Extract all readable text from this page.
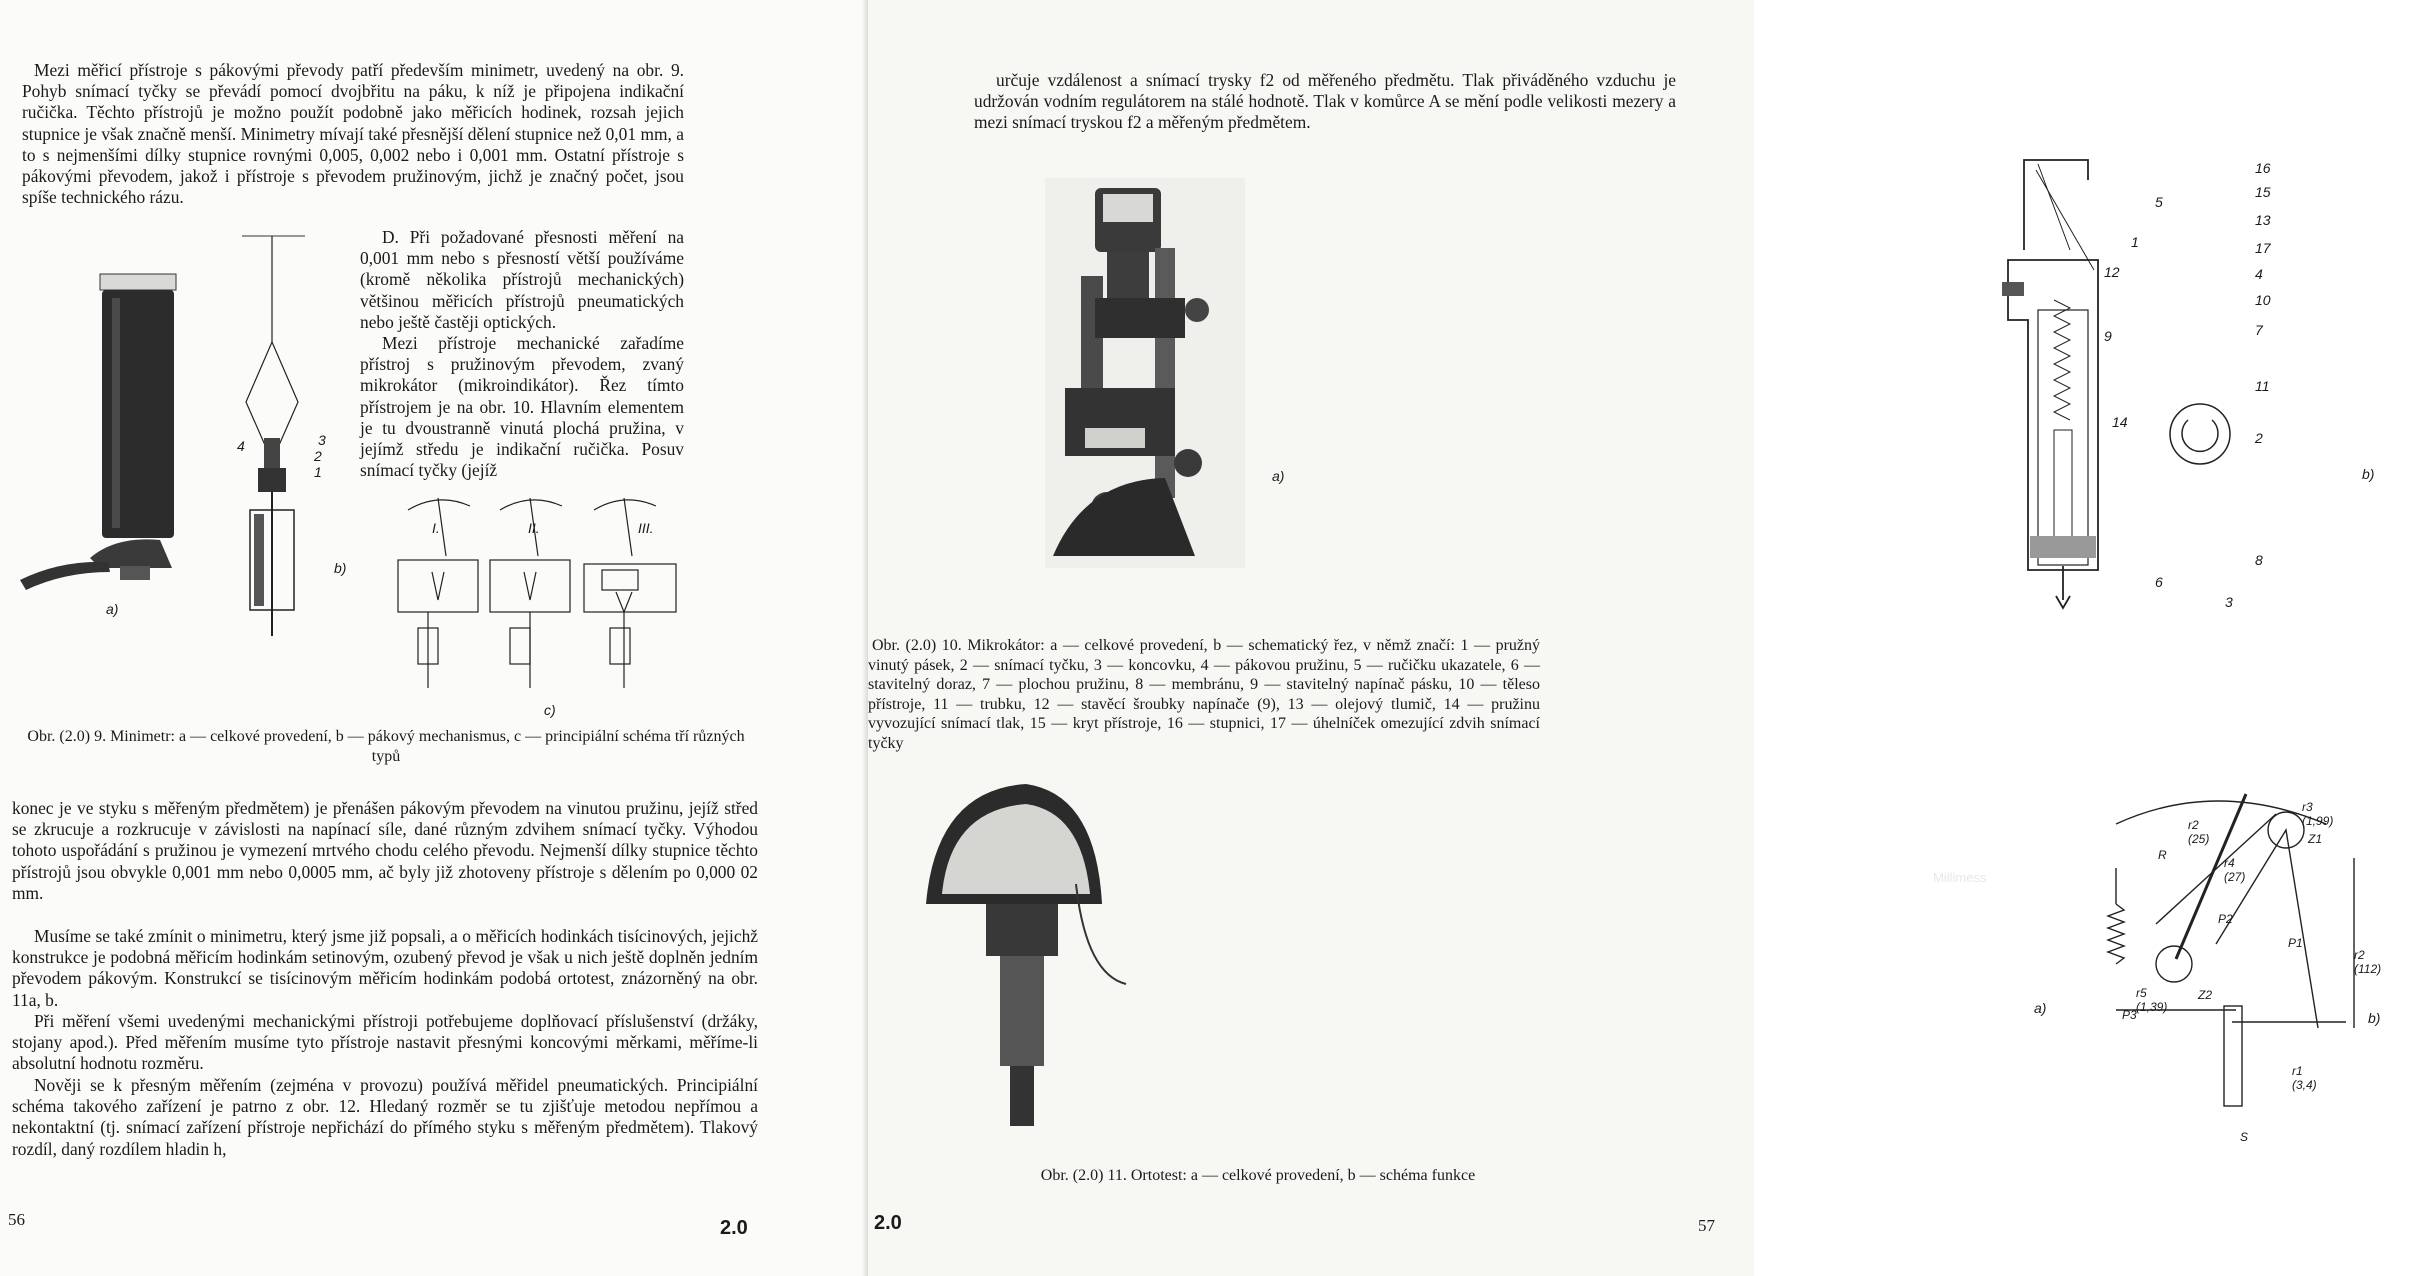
Mezi měřicí přístroje s pákovými převody patří především minimetr, uvedený na obr. 9. Pohyb snímací tyčky se převádí pomocí dvojbřitu na páku, k níž je připojena indikační ručička. Těchto přístrojů je možno použít podobně jako měřicích hodinek, rozsah jejich stupnice je však značně menší. Minimetry mívají také přesnější dělení stupnice než 0,01 mm, a to s nejmenšími dílky stupnice rovnými 0,005, 0,002 nebo i 0,001 mm. Ostatní přístroje s pákovými převodem, jakož i přístroje s převodem pružinovým, jichž je značný počet, jsou spíše technického rázu.
a)
4	3
2
1
b)
D. Při požadované přesnosti měření na 0,001 mm nebo s přesností větší používáme (kromě několika přístrojů mechanických) většinou měřicích přístrojů pneumatických nebo ještě častěji optických.
Mezi přístroje mechanické zařadíme přístroj s pružinovým převodem, zvaný mikrokátor (mikroindikátor). Řez tímto přístrojem je na obr. 10. Hlavním elementem je tu dvoustranně vinutá plochá pružina, v jejímž středu je indikační ručička. Posuv snímací tyčky (jejíž
I.	II.	III.
c)
Obr. (2.0) 9. Minimetr: a — celkové provedení, b — pákový mechanismus, c — principiální schéma tří různých typů
konec je ve styku s měřeným předmětem) je přenášen pákovým převodem na vinutou pružinu, jejíž střed se zkrucuje a rozkrucuje v závislosti na napínací síle, dané různým zdvihem snímací tyčky. Výhodou tohoto uspořádání s pružinou je vymezení mrtvého chodu celého převodu. Nejmenší dílky stupnice těchto přístrojů jsou obvykle 0,001 mm nebo 0,0005 mm, ač byly již zhotoveny přístroje s dělením po 0,000 02 mm.
Musíme se také zmínit o minimetru, který jsme již popsali, a o měřicích hodinkách tisícinových, jejichž konstrukce je podobná měřicím hodinkám setinovým, ozubený převod je však u nich ještě doplněn jedním převodem pákovým. Konstrukcí se tisícinovým měřicím hodinkám podobá ortotest, znázorněný na obr. 11a, b.
Při měření všemi uvedenými mechanickými přístroji potřebujeme doplňovací příslušenství (držáky, stojany apod.). Před měřením musíme tyto přístroje nastavit přesnými koncovými měrkami, měříme-li absolutní hodnotu rozměru.
Nověji se k přesným měřením (zejména v provozu) používá měřidel pneumatických. Principiální schéma takového zařízení je patrno z obr. 12. Hledaný rozměr se tu zjišťuje metodou nepřímou a nekontaktní (tj. snímací zařízení přístroje nepřichází do přímého styku s měřeným předmětem). Tlakový rozdíl, daný rozdílem hladin h,
56	2.0
určuje vzdálenost a snímací trysky f2 od měřeného předmětu. Tlak přiváděného vzduchu je udržován vodním regulátorem na stálé hodnotě. Tlak v komůrce A se mění podle velikosti mezery a mezi snímací tryskou f2 a měřeným předmětem.
a)
16
15
5
13
1	17
12	4
10
7
9
11
14
2
b)
8
6
3
Obr. (2.0) 10. Mikrokátor: a — celkové provedení, b — schematický řez, v němž značí: 1 — pružný vinutý pásek, 2 — snímací tyčku, 3 — koncovku, 4 — pákovou pružinu, 5 — ručičku ukazatele, 6 — stavitelný doraz, 7 — plochou pružinu, 8 — membránu, 9 — stavitelný napínač pásku, 10 — těleso přístroje, 11 — trubku, 12 — stavěcí šroubky napínače (9), 13 — olejový tlumič, 14 — pružinu vyvozující snímací tlak, 15 — kryt přístroje, 16 — stupnici, 17 — úhelníček omezující zdvih snímací tyčky
Millimess
a)
r2 (25)
r3 (1,99)
Z1
R
r4 (27)
P2
P1
r2 (112)
r5 (1,39)
Z2
P3	b)
r1 (3,4)
S
Obr. (2.0) 11. Ortotest: a — celkové provedení, b — schéma funkce
2.0	57
